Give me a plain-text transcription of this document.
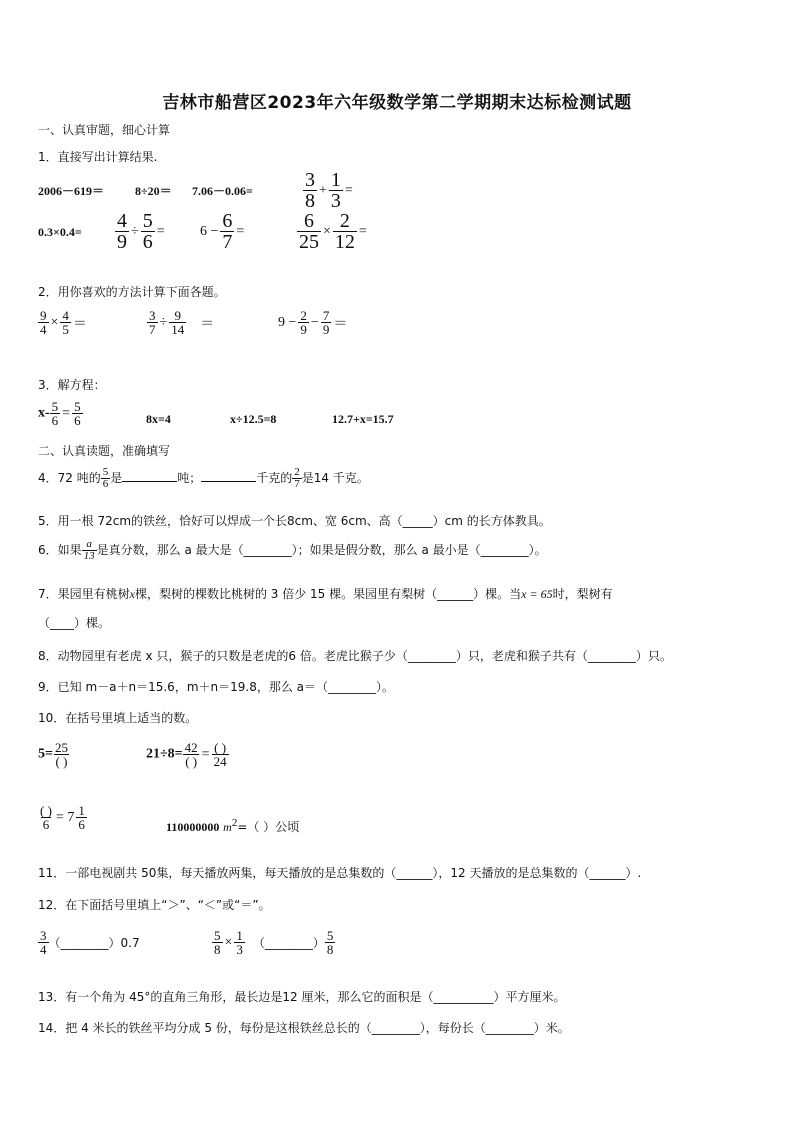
吉林市船营区2023年六年级数学第二学期期末达标检测试题
一、认真审题，细心计算
1．直接写出计算结果.
2006－619＝	8÷20＝ 7.06－0.06=	$\frac{3}{8} + \frac{1}{3}$ =
$0.3\times 0.4= \frac{4}{9} \div \frac{5}{6}$ =	$6 - \frac{6}{7}$ =	$\frac{6}{25} \times \frac{2}{12}$ =
2．用你喜欢的方法计算下面各题。
$\frac{9}{4} \times \frac{4}{5}$ ＝	$\frac{3}{7} \div \frac{9}{14}$ ＝	$9 - \frac{2}{9} - \frac{7}{9}$ ＝
3．解方程：
$x- \frac{5}{6} = \frac{5}{6}$	8x=4	x÷12.5=8	12.7+x=15.7
二、认真读题，准确填写
4．72 吨的 $\frac{5}{6}$ 是	吨；	千克的 $\frac{2}{7}$ 是14 千克。
5．用一根 72cm的铁丝，恰好可以焊成一个长8cm、宽 6cm、高（_____）cm 的长方体教具。
6．如果 $\frac{a}{13}$ 是真分数，那么 a 最大是（________）；如果是假分数，那么 a 最小是（________）。
7．果园里有桃树x棵，梨树的棵数比桃树的 3 倍少 15 棵。果园里有梨树（______）棵。当x = 65时，梨树有
（____）棵。
8．动物园里有老虎 x 只，猴子的只数是老虎的6 倍。老虎比猴子少（________）只，老虎和猴子共有（________）只。
9．已知 m－a＋n＝15.6，m＋n＝19.8，那么 a＝（________）。
10．在括号里填上适当的数。
$5= \frac{25}{( )}$	$21\div 8= \frac{42}{( )} = \frac{( )}{24}$
$\frac{( )}{6} = 7 \frac{1}{6}$	110000000 $m^2=$（ ）公顷
11．一部电视剧共 50集，每天播放两集，每天播放的是总集数的（______），12 天播放的是总集数的（______）.
12．在下面括号里填上“＞”、“＜”或“＝”。
$\frac{3}{4}$ （________）0.7	$\frac{5}{8} \times \frac{1}{3}$ （________） $\frac{5}{8}$
13．有一个角为 45°的直角三角形，最长边是12 厘米，那么它的面积是（__________）平方厘米。
14．把 4 米长的铁丝平均分成 5 份，每份是这根铁丝总长的（________），每份长（________）米。
